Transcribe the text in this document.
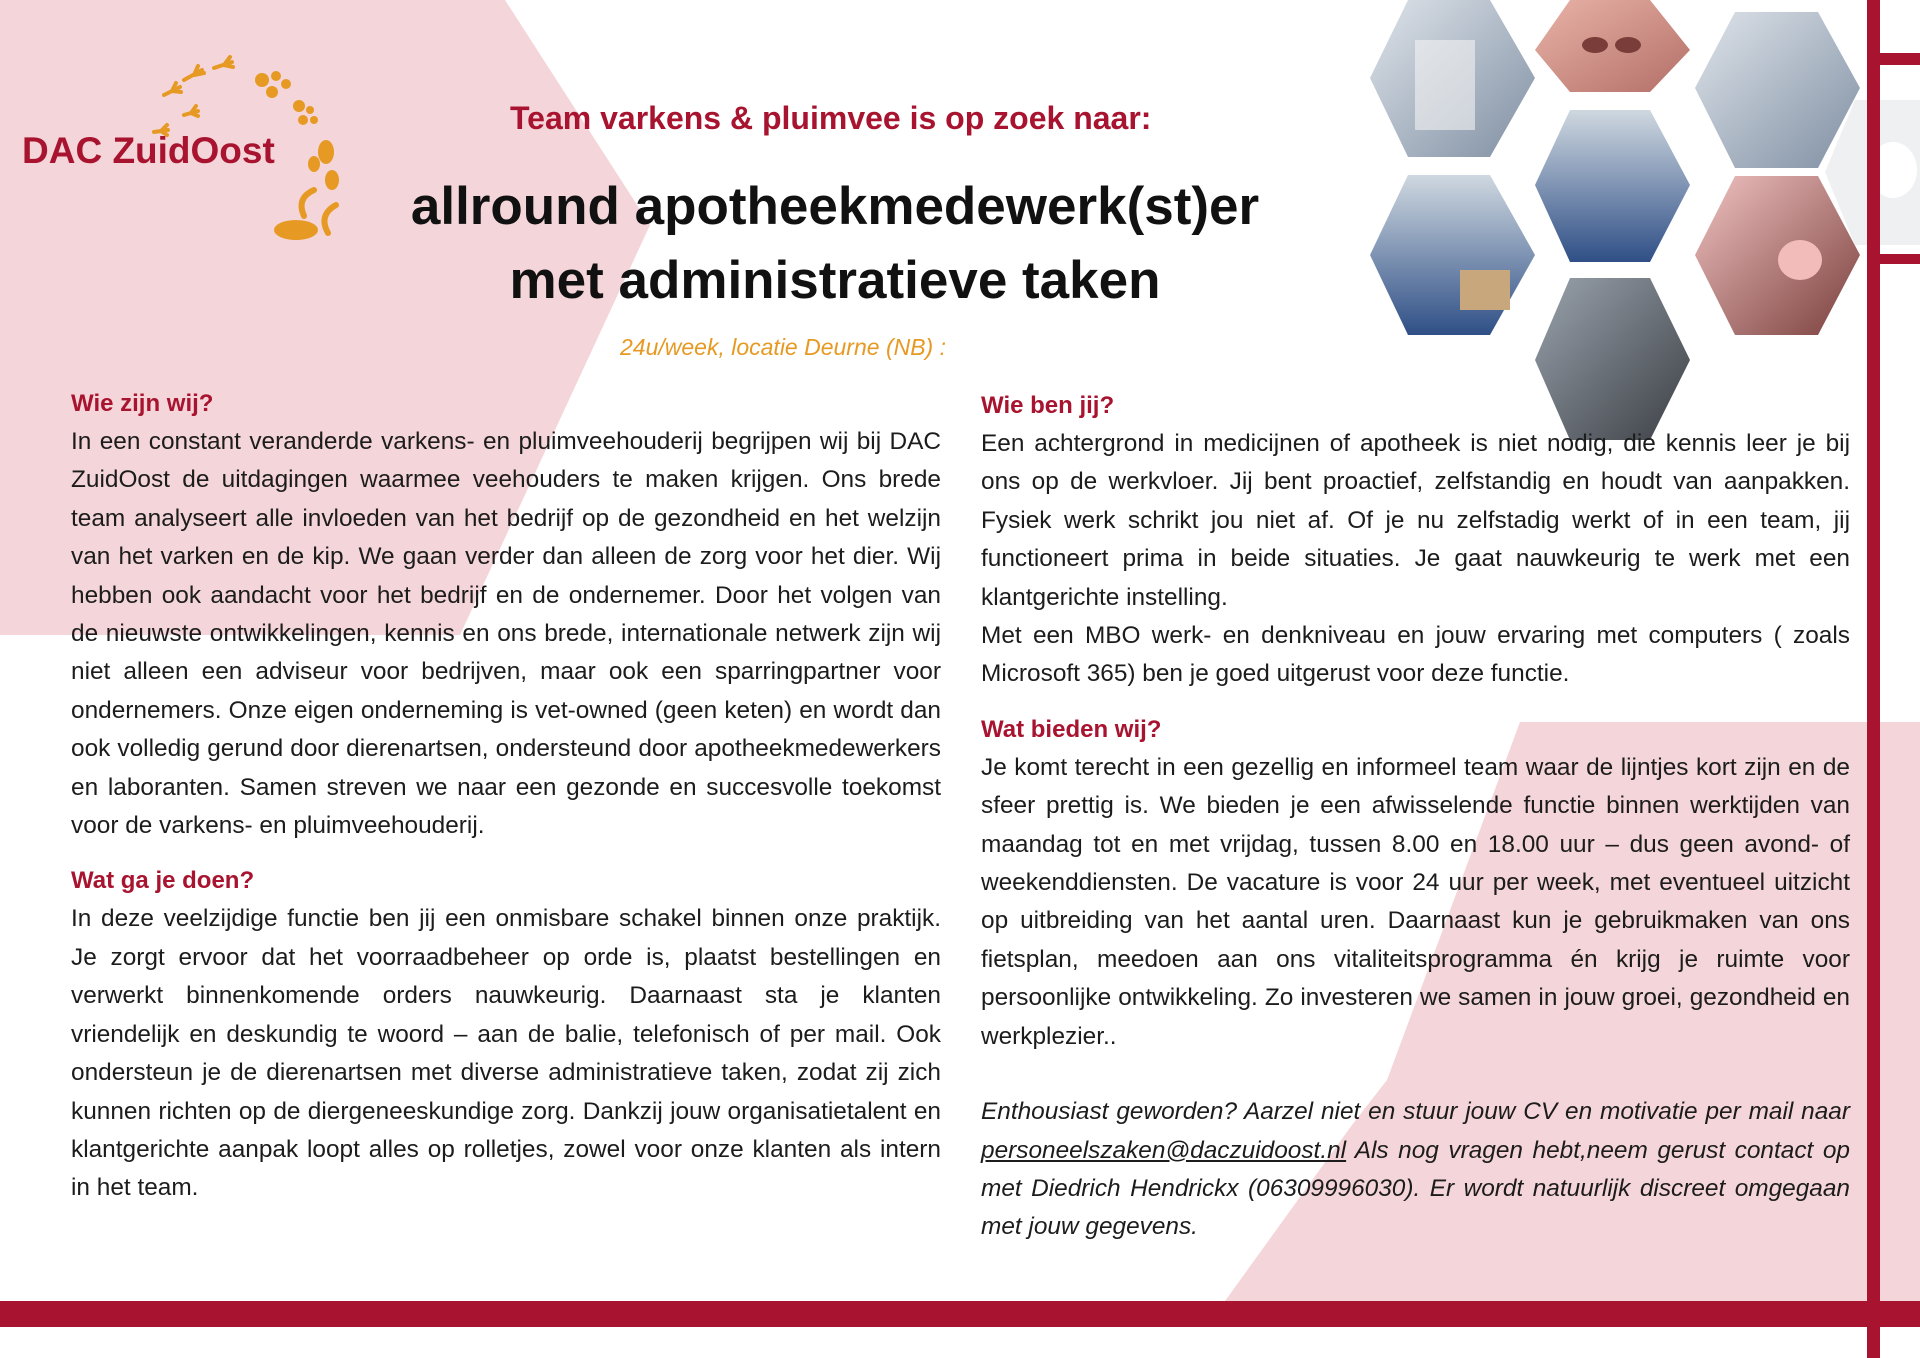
DAC ZuidOost

Team varkens & pluimvee is op zoek naar:

allround apotheekmedewerk(st)er
met administratieve taken

24u/week, locatie Deurne (NB) :

Wie zijn wij?

In een constant veranderde varkens- en pluimveehouderij begrijpen wij bij DAC ZuidOost de uitdagingen waarmee veehouders te maken krijgen. Ons brede team analyseert alle invloeden van het bedrijf op de gezondheid en het welzijn van het varken en de kip. We gaan verder dan alleen de zorg voor het dier. Wij hebben ook aandacht voor het bedrijf en de ondernemer. Door het volgen van de nieuwste ontwikkelingen, kennis en ons brede, internationale netwerk zijn wij niet alleen een adviseur voor bedrijven, maar ook een sparringpartner voor ondernemers. Onze eigen onderneming is vet-owned (geen keten) en wordt dan ook volledig gerund door dierenartsen, ondersteund door apotheekmedewerkers en laboranten. Samen streven we naar een gezonde en succesvolle toekomst voor de varkens- en pluimveehouderij.

Wat ga je doen?

In deze veelzijdige functie ben jij een onmisbare schakel binnen onze praktijk. Je zorgt ervoor dat het voorraadbeheer op orde is, plaatst bestellingen en verwerkt binnenkomende orders nauwkeurig. Daarnaast sta je klanten vriendelijk en deskundig te woord – aan de balie, telefonisch of per mail. Ook ondersteun je de dierenartsen met diverse administratieve taken, zodat zij zich kunnen richten op de diergeneeskundige zorg. Dankzij jouw organisatietalent en klantgerichte aanpak loopt alles op rolletjes, zowel voor onze klanten als intern in het team.

Wie ben jij?

Een achtergrond in medicijnen of apotheek is niet nodig, die kennis leer je bij ons op de werkvloer. Jij bent proactief, zelfstandig en houdt van aanpakken. Fysiek werk schrikt jou niet af. Of je nu zelfstadig werkt of in een team, jij functioneert prima in beide situaties. Je gaat nauwkeurig te werk met een klantgerichte instelling.

Met een MBO werk- en denkniveau en jouw ervaring met computers ( zoals Microsoft 365) ben je goed uitgerust voor deze functie.

Wat bieden wij?

Je komt terecht in een gezellig en informeel team waar de lijntjes kort zijn en de sfeer prettig is. We bieden je een afwisselende functie binnen werktijden van maandag tot en met vrijdag, tussen 8.00 en 18.00 uur – dus geen avond- of weekenddiensten. De vacature is voor 24 uur per week, met eventueel uitzicht op uitbreiding van het aantal uren. Daarnaast kun je gebruikmaken van ons fietsplan, meedoen aan ons vitaliteitsprogramma én krijg je ruimte voor persoonlijke ontwikkeling. Zo investeren we samen in jouw groei, gezondheid en werkplezier..

Enthousiast geworden? Aarzel niet en stuur jouw CV en motivatie per mail naar personeelszaken@daczuidoost.nl Als nog vragen hebt,neem gerust contact op met Diedrich Hendrickx (06309996030). Er wordt natuurlijk discreet omgegaan met jouw gegevens.
